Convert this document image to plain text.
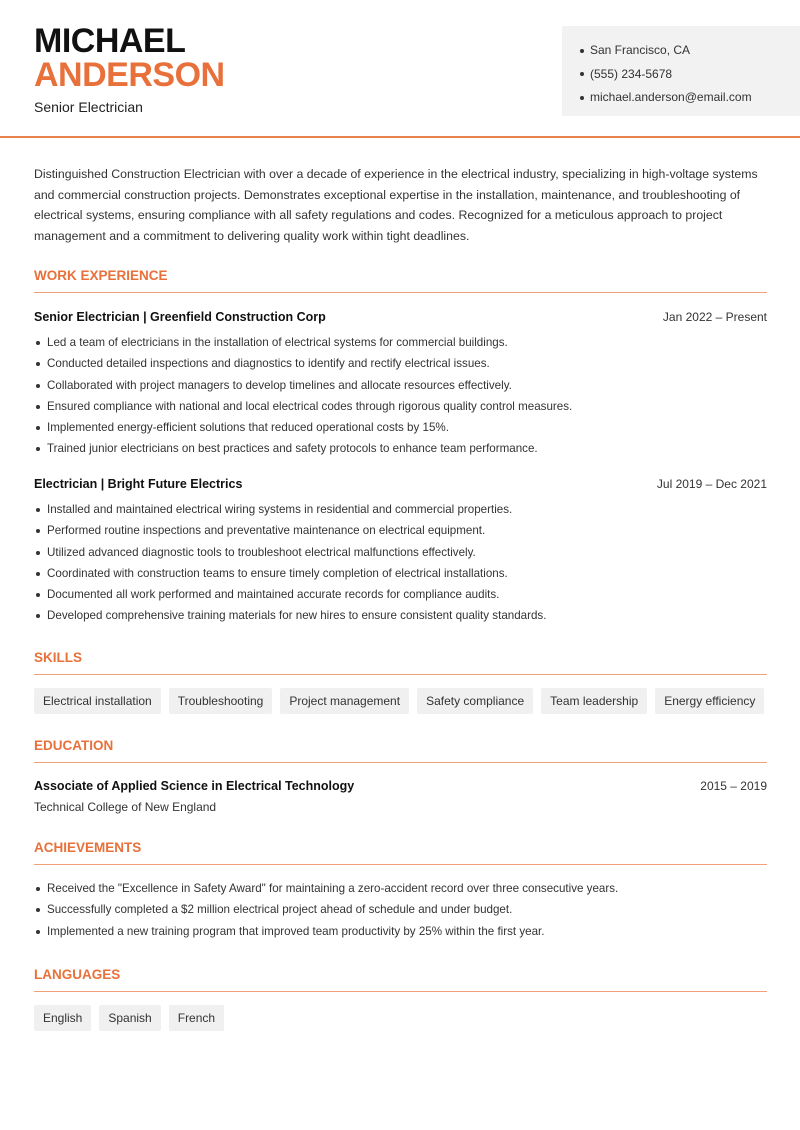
MICHAEL
ANDERSON
Senior Electrician
San Francisco, CA
(555) 234-5678
michael.anderson@email.com

Distinguished Construction Electrician with over a decade of experience in the electrical industry, specializing in high-voltage systems and commercial construction projects. Demonstrates exceptional expertise in the installation, maintenance, and troubleshooting of electrical systems, ensuring compliance with all safety regulations and codes. Recognized for a meticulous approach to project management and a commitment to delivering quality work within tight deadlines.

WORK EXPERIENCE
Senior Electrician | Greenfield Construction Corp	Jan 2022 – Present
Led a team of electricians in the installation of electrical systems for commercial buildings.
Conducted detailed inspections and diagnostics to identify and rectify electrical issues.
Collaborated with project managers to develop timelines and allocate resources effectively.
Ensured compliance with national and local electrical codes through rigorous quality control measures.
Implemented energy-efficient solutions that reduced operational costs by 15%.
Trained junior electricians on best practices and safety protocols to enhance team performance.
Electrician | Bright Future Electrics	Jul 2019 – Dec 2021
Installed and maintained electrical wiring systems in residential and commercial properties.
Performed routine inspections and preventative maintenance on electrical equipment.
Utilized advanced diagnostic tools to troubleshoot electrical malfunctions effectively.
Coordinated with construction teams to ensure timely completion of electrical installations.
Documented all work performed and maintained accurate records for compliance audits.
Developed comprehensive training materials for new hires to ensure consistent quality standards.
SKILLS
Electrical installation	Troubleshooting	Project management	Safety compliance	Team leadership	Energy efficiency
EDUCATION
Associate of Applied Science in Electrical Technology	2015 – 2019
Technical College of New England
ACHIEVEMENTS
Received the "Excellence in Safety Award" for maintaining a zero-accident record over three consecutive years.
Successfully completed a $2 million electrical project ahead of schedule and under budget.
Implemented a new training program that improved team productivity by 25% within the first year.
LANGUAGES
English	Spanish	French
